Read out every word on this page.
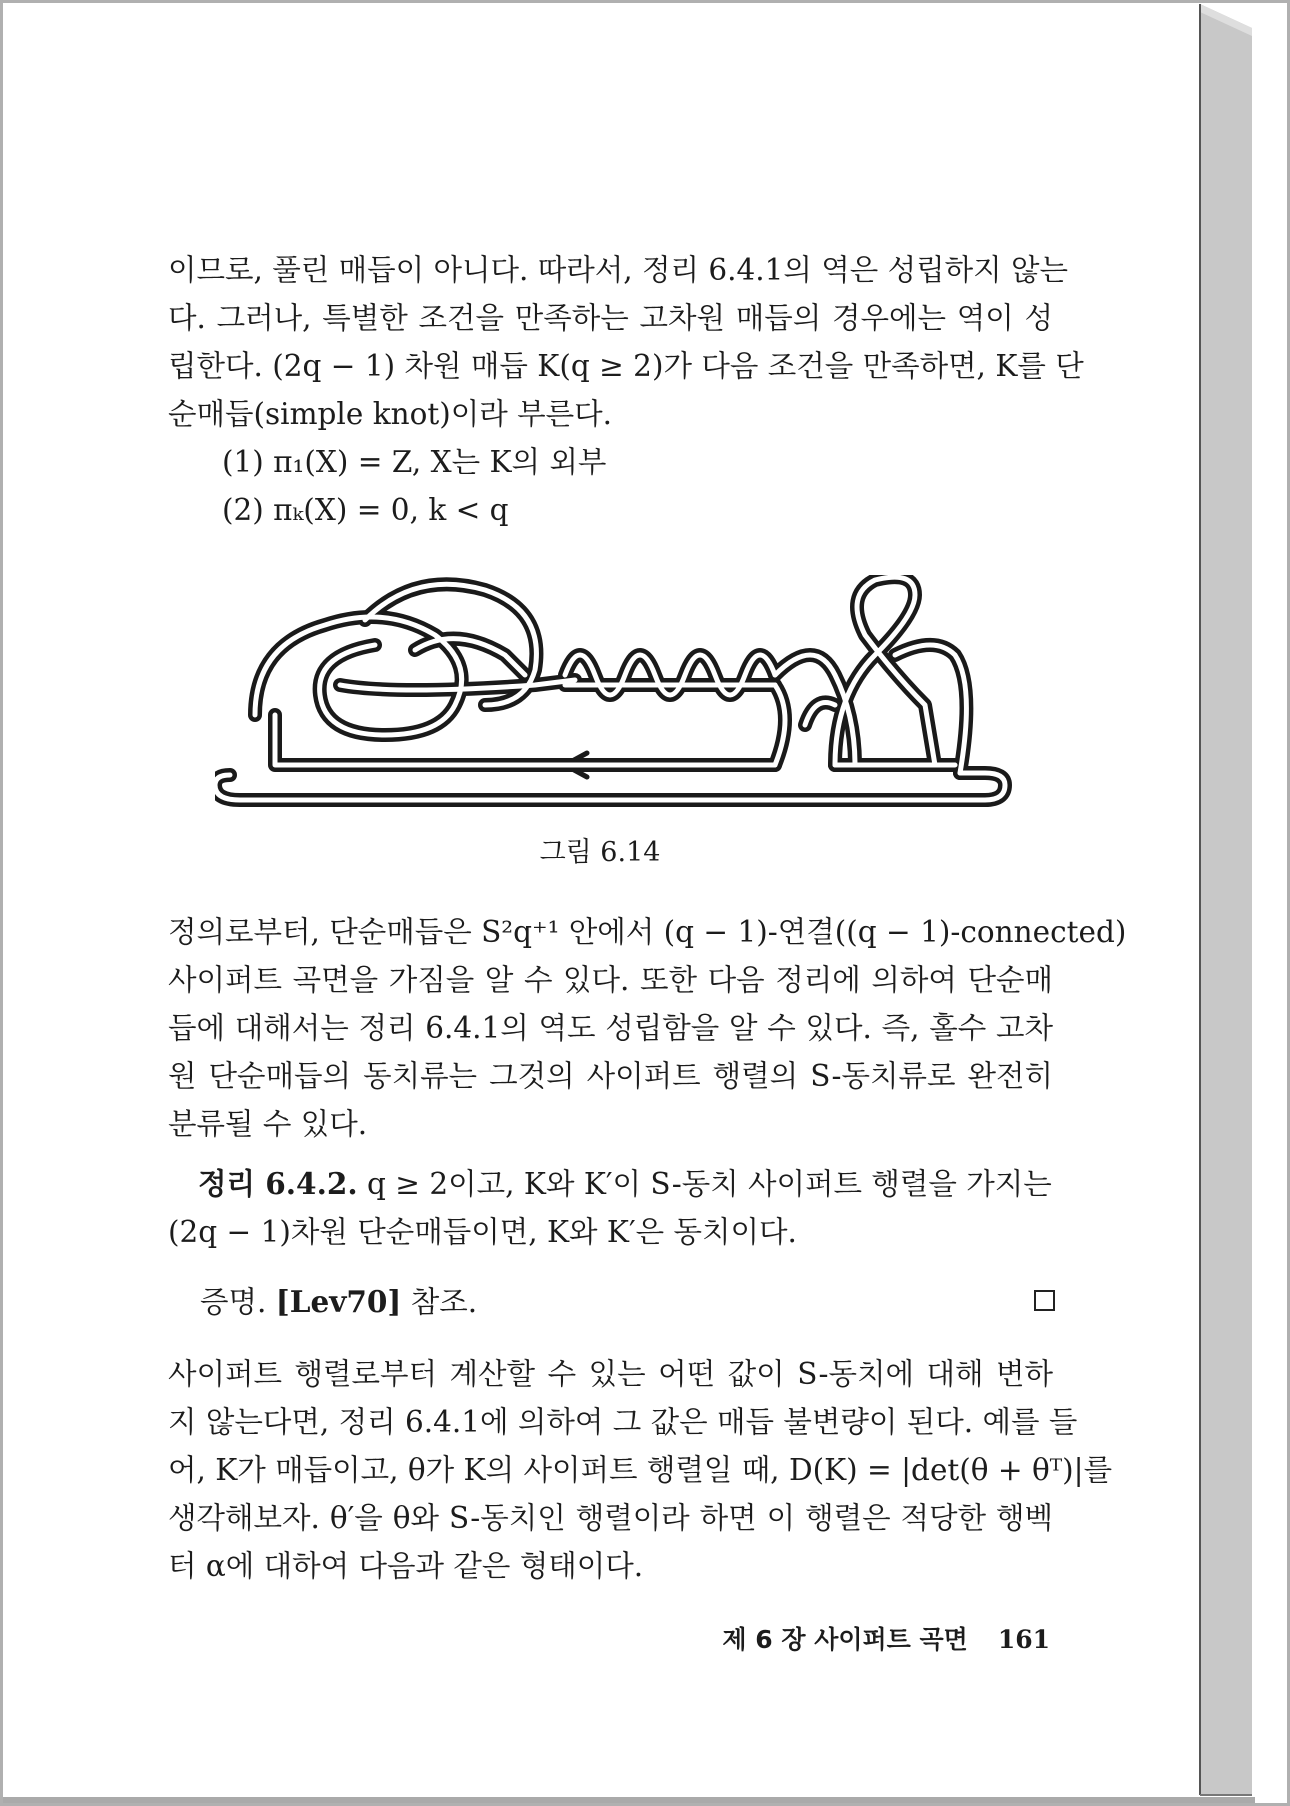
이므로, 풀린 매듭이 아니다. 따라서, 정리 6.4.1의 역은 성립하지 않는
다. 그러나, 특별한 조건을 만족하는 고차원 매듭의 경우에는 역이 성
립한다. (2q − 1) 차원 매듭 K(q ≥ 2)가 다음 조건을 만족하면, K를 단
순매듭(simple knot)이라 부른다.
(1) π₁(X) = Z, X는 K의 외부
(2) πₖ(X) = 0, k < q
그림 6.14
정의로부터, 단순매듭은 S²q⁺¹ 안에서 (q − 1)-연결((q − 1)-connected)
사이퍼트 곡면을 가짐을 알 수 있다. 또한 다음 정리에 의하여 단순매
듭에 대해서는 정리 6.4.1의 역도 성립함을 알 수 있다. 즉, 홀수 고차
원 단순매듭의 동치류는 그것의 사이퍼트 행렬의 S-동치류로 완전히
분류될 수 있다.
정리 6.4.2. q ≥ 2이고, K와 K′이 S-동치 사이퍼트 행렬을 가지는
(2q − 1)차원 단순매듭이면, K와 K′은 동치이다.
증명. [Lev70] 참조.
사이퍼트 행렬로부터 계산할 수 있는 어떤 값이 S-동치에 대해 변하
지 않는다면, 정리 6.4.1에 의하여 그 값은 매듭 불변량이 된다. 예를 들
어, K가 매듭이고, θ가 K의 사이퍼트 행렬일 때, D(K) = |det(θ + θᵀ)|를
생각해보자. θ′을 θ와 S-동치인 행렬이라 하면 이 행렬은 적당한 행벡
터 α에 대하여 다음과 같은 형태이다.
제 6 장 사이퍼트 곡면 161
